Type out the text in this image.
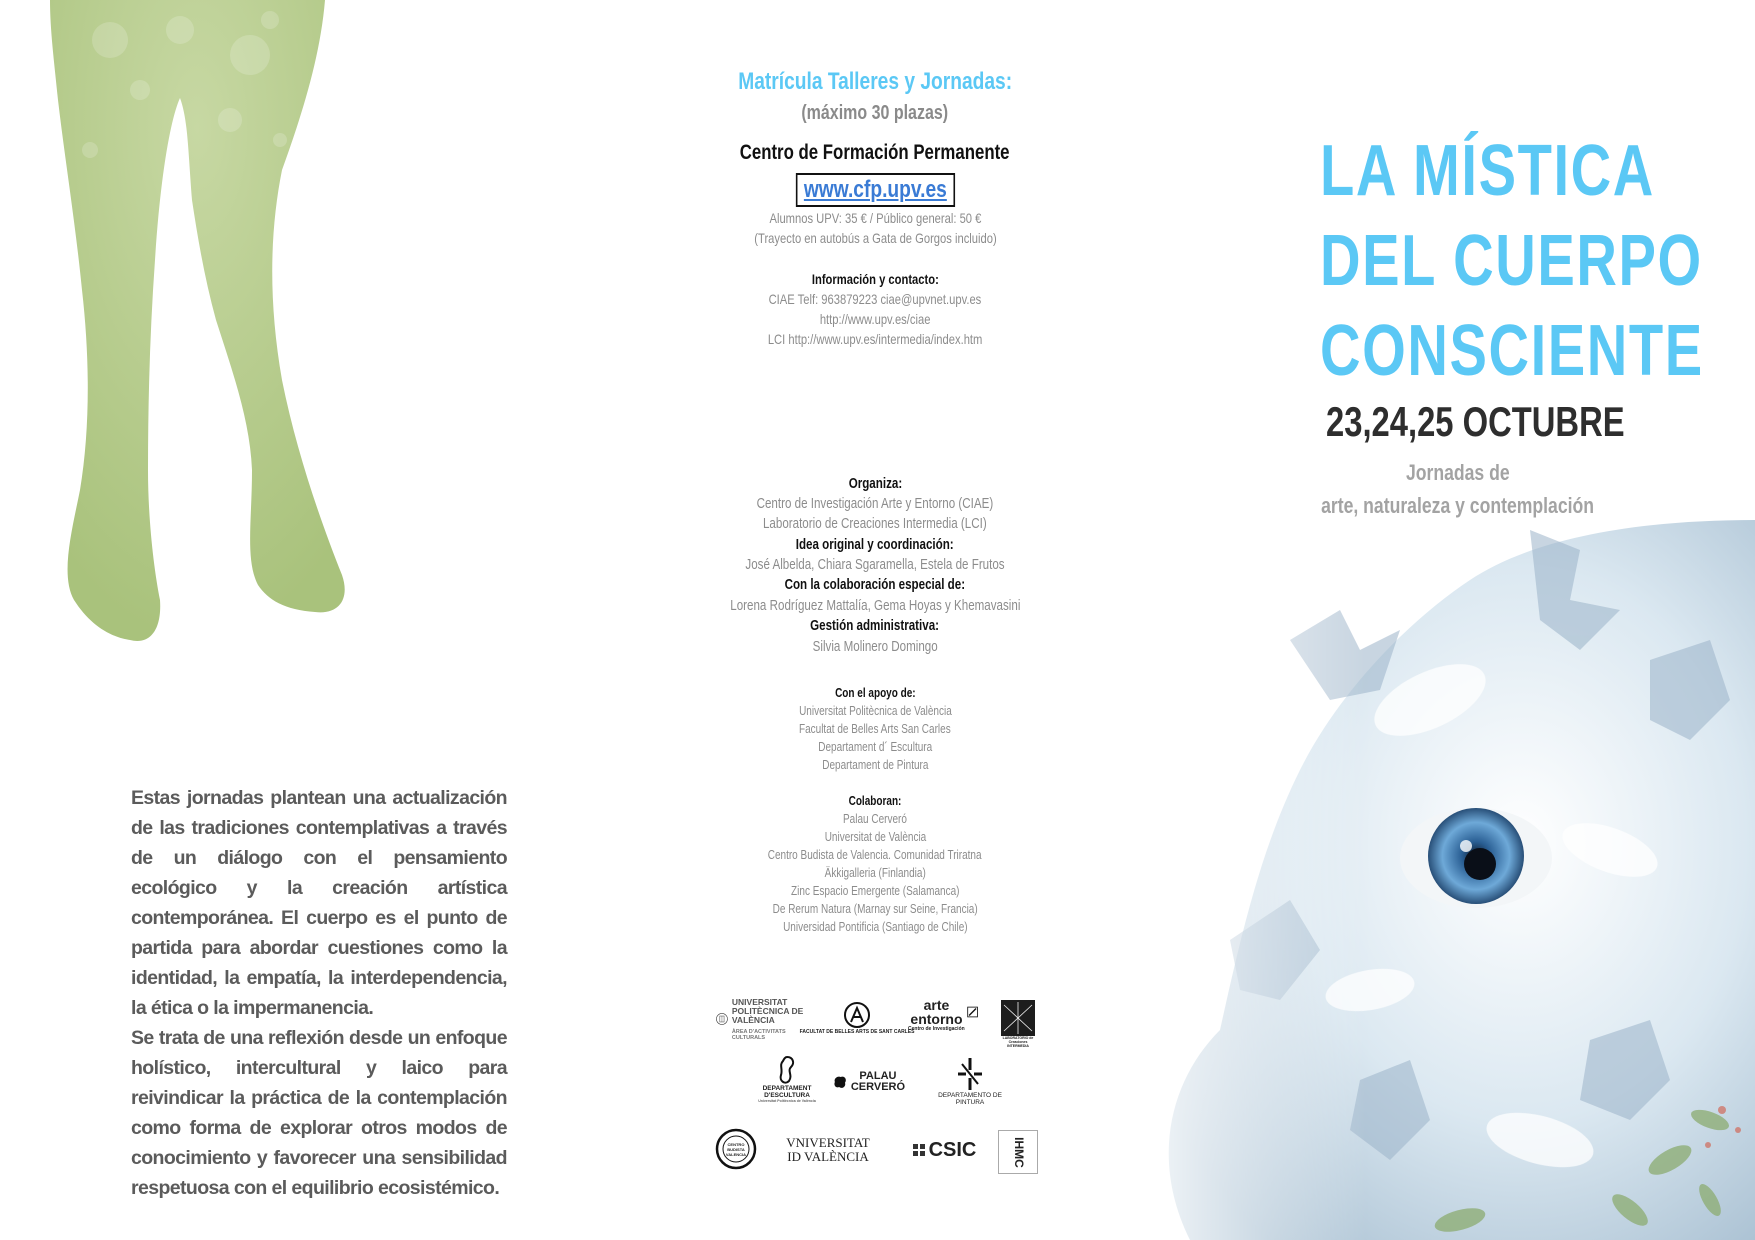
Estas jornadas plantean una actualización de las tradiciones contemplativas a través de un diálogo con el pensamiento ecológico y la creación artística contemporánea. El cuerpo es el punto de partida para abordar cuestiones como la identidad, la empatía, la interdependencia, la ética o la impermanencia.

Se trata de una reflexión desde un enfoque holístico, intercultural y laico para reivindicar la práctica de la contemplación como forma de explorar otros modos de conocimiento y favorecer una sensibilidad respetuosa con el equilibrio ecosistémico.

Matrícula Talleres y Jornadas:
(máximo 30 plazas)
Centro de Formación Permanente
www.cfp.upv.es
Alumnos UPV: 35 € / Público general: 50 €
(Trayecto en autobús a Gata de Gorgos incluido)
Información y contacto:
CIAE Telf: 963879223 ciae@upvnet.upv.es
http://www.upv.es/ciae
LCI http://www.upv.es/intermedia/index.htm
Organiza:
Centro de Investigación Arte y Entorno (CIAE)
Laboratorio de Creaciones Intermedia (LCI)
Idea original y coordinación:
José Albelda, Chiara Sgaramella, Estela de Frutos
Con la colaboración especial de:
Lorena Rodríguez Mattalía, Gema Hoyas y Khemavasini
Gestión administrativa:
Silvia Molinero Domingo
Con el apoyo de:
Universitat Politècnica de València
Facultat de Belles Arts San Carles
Departament d´ Escultura
Departament de Pintura
Colaboran:
Palau Cerveró
Universitat de València
Centro Budista de Valencia. Comunidad Triratna
Äkkigalleria (Finlandia)
Zinc Espacio Emergente (Salamanca)
De Rerum Natura (Marnay sur Seine, Francia)
Universidad Pontificia (Santiago de Chile)
UNIVERSITAT POLITÈCNICA DE VALÈNCIA
ÀREA D'ACTIVITATS CULTURALS
FACULTAT DE BELLES ARTS DE SANT CARLES
arte entorno
Centro de Investigación
LABORATORIO de Creaciones INTERMEDIA
DEPARTAMENT D'ESCULTURA
Universitat Politècnica de València
PALAU CERVERÓ
DEPARTAMENTO DE PINTURA
CENTRO BUDISTA VALENCIA
VNIVERSITAT ID VALÈNCIA	CSIC	IHMC
LA MÍSTICA
DEL CUERPO
CONSCIENTE
23,24,25 OCTUBRE
Jornadas de
arte, naturaleza y contemplación
